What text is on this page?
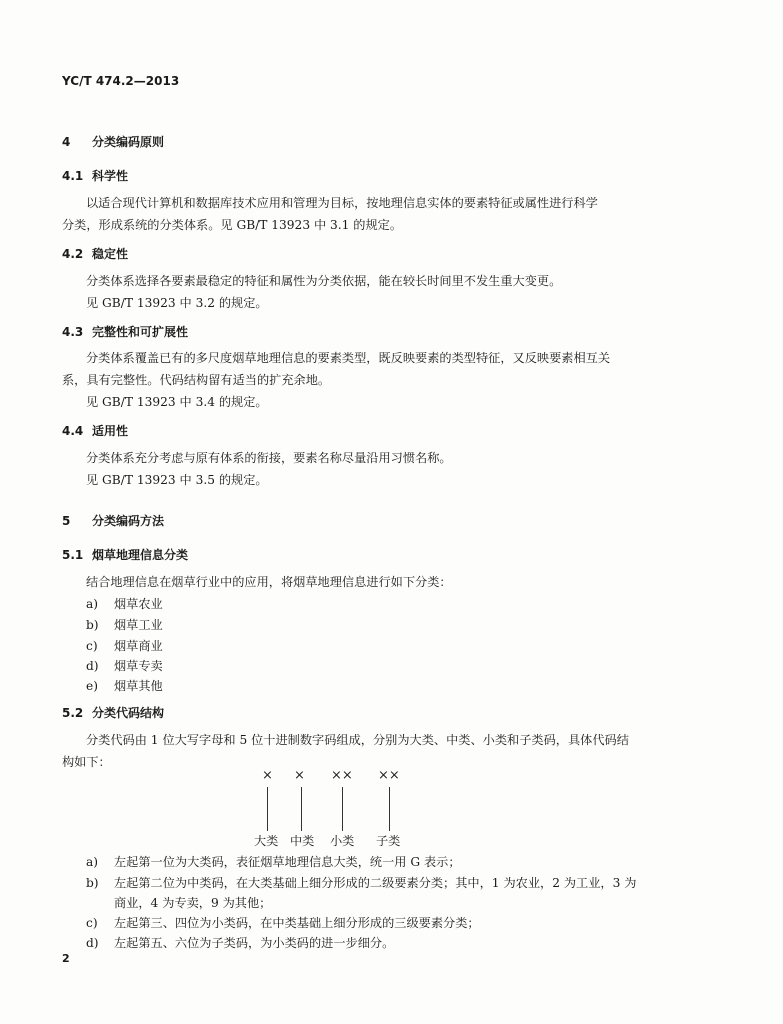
YC/T 474.2—2013
4 分类编码原则
4.1 科学性
以适合现代计算机和数据库技术应用和管理为目标，按地理信息实体的要素特征或属性进行科学
分类，形成系统的分类体系。见 GB/T 13923 中 3.1 的规定。
4.2 稳定性
分类体系选择各要素最稳定的特征和属性为分类依据，能在较长时间里不发生重大变更。
见 GB/T 13923 中 3.2 的规定。
4.3 完整性和可扩展性
分类体系覆盖已有的多尺度烟草地理信息的要素类型，既反映要素的类型特征，又反映要素相互关
系，具有完整性。代码结构留有适当的扩充余地。
见 GB/T 13923 中 3.4 的规定。
4.4 适用性
分类体系充分考虑与原有体系的衔接，要素名称尽量沿用习惯名称。
见 GB/T 13923 中 3.5 的规定。
5 分类编码方法
5.1 烟草地理信息分类
结合地理信息在烟草行业中的应用，将烟草地理信息进行如下分类：
a) 烟草农业
b) 烟草工业
c) 烟草商业
d) 烟草专卖
e) 烟草其他
5.2 分类代码结构
分类代码由 1 位大写字母和 5 位十进制数字码组成，分别为大类、中类、小类和子类码，具体代码结
构如下：
× × ×× ××
大类 中类 小类 子类
a) 左起第一位为大类码，表征烟草地理信息大类，统一用 G 表示；
b) 左起第二位为中类码，在大类基础上细分形成的二级要素分类；其中，1 为农业，2 为工业，3 为
商业，4 为专卖，9 为其他；
c) 左起第三、四位为小类码，在中类基础上细分形成的三级要素分类；
d) 左起第五、六位为子类码，为小类码的进一步细分。
2
